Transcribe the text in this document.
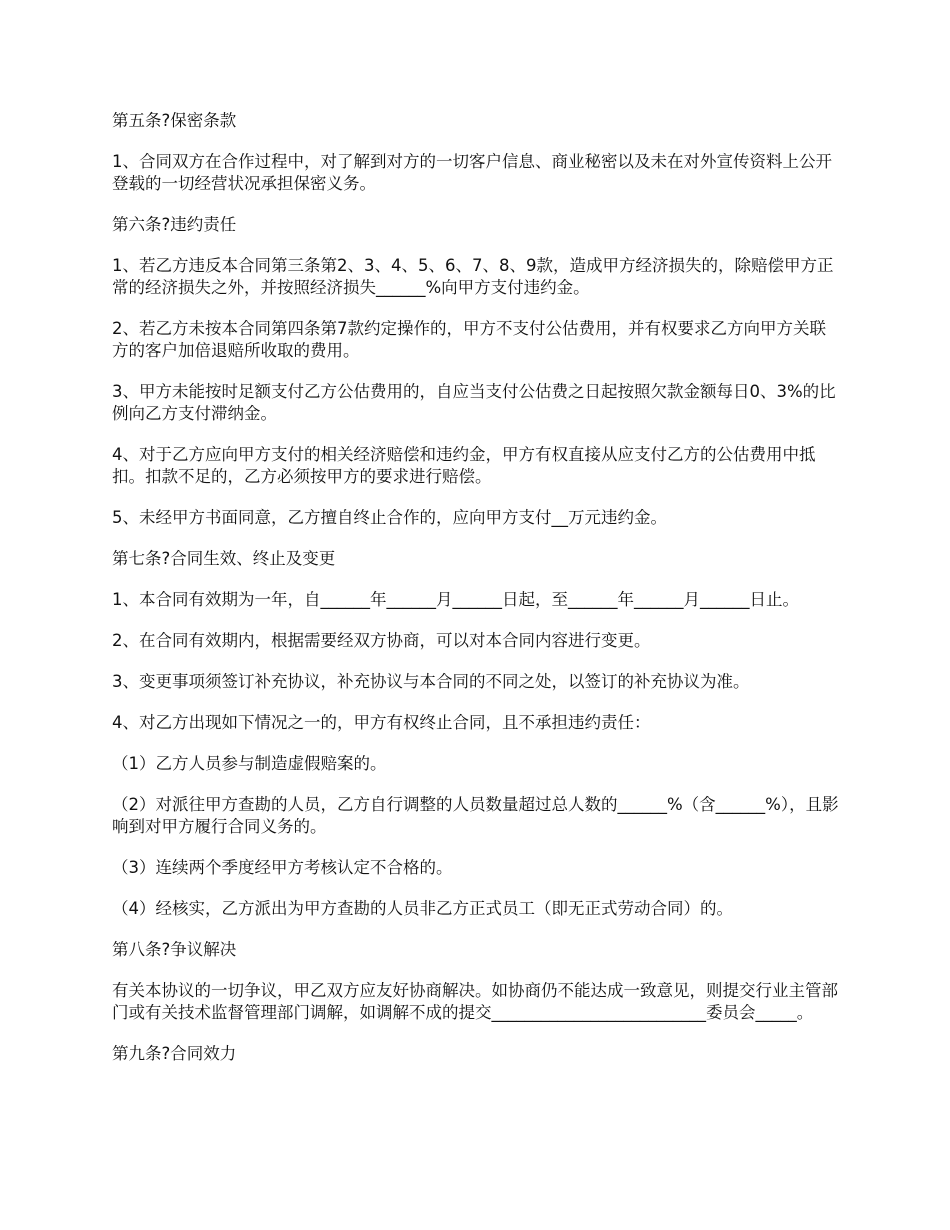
第五条?保密条款
1、合同双方在合作过程中，对了解到对方的一切客户信息、商业秘密以及未在对外宣传资料上公开登载的一切经营状况承担保密义务。
第六条?违约责任
1、若乙方违反本合同第三条第2、3、4、5、6、7、8、9款，造成甲方经济损失的，除赔偿甲方正常的经济损失之外，并按照经济损失______%向甲方支付违约金。
2、若乙方未按本合同第四条第7款约定操作的，甲方不支付公估费用，并有权要求乙方向甲方关联方的客户加倍退赔所收取的费用。
3、甲方未能按时足额支付乙方公估费用的，自应当支付公估费之日起按照欠款金额每日0、3%的比例向乙方支付滞纳金。
4、对于乙方应向甲方支付的相关经济赔偿和违约金，甲方有权直接从应支付乙方的公估费用中抵扣。扣款不足的，乙方必须按甲方的要求进行赔偿。
5、未经甲方书面同意，乙方擅自终止合作的，应向甲方支付__万元违约金。
第七条?合同生效、终止及变更
1、本合同有效期为一年，自______年______月______日起，至______年______月______日止。
2、在合同有效期内，根据需要经双方协商，可以对本合同内容进行变更。
3、变更事项须签订补充协议，补充协议与本合同的不同之处，以签订的补充协议为准。
4、对乙方出现如下情况之一的，甲方有权终止合同，且不承担违约责任：
（1）乙方人员参与制造虚假赔案的。
（2）对派往甲方查勘的人员，乙方自行调整的人员数量超过总人数的______%（含______%），且影响到对甲方履行合同义务的。
（3）连续两个季度经甲方考核认定不合格的。
（4）经核实，乙方派出为甲方查勘的人员非乙方正式员工（即无正式劳动合同）的。
第八条?争议解决
有关本协议的一切争议，甲乙双方应友好协商解决。如协商仍不能达成一致意见，则提交行业主管部门或有关技术监督管理部门调解，如调解不成的提交__________________________委员会_____。
第九条?合同效力
